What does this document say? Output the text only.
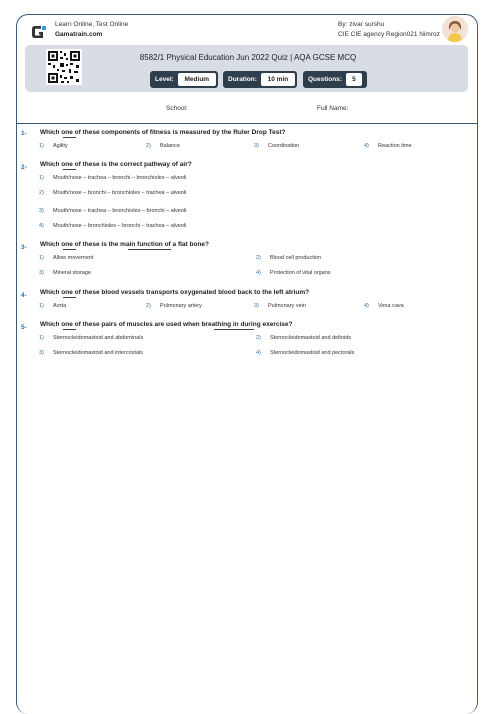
Learn Online, Test Online
Gamatrain.com
By: zivar surshu
CIE CIE agency Region021 Nimroz
8582/1 Physical Education Jun 2022 Quiz | AQA GCSE MCQ
Level:	Medium	Duration:	10 min	Questions:	5
School:	Full Name:
1- Which one of these components of fitness is measured by the Ruler Drop Test?
1) Agility	2) Balance	3) Coordination	4) Reaction time
2- Which one of these is the correct pathway of air?
1) Mouth/nose – trachea – bronchi – bronchioles – alveoli
2) Mouth/nose – bronchi – bronchioles – trachea – alveoli
3) Mouth/nose – trachea – bronchioles – bronchi – alveoli
4) Mouth/nose – bronchioles – bronchi – trachea – alveoli
3- Which one of these is the main function of a flat bone?
1) Allow movement	2) Blood cell production
3) Mineral storage	4) Protection of vital organs
4- Which one of these blood vessels transports oxygenated blood back to the left atrium?
1) Aorta	2) Pulmonary artery	3) Pulmonary vein	4) Vena cava
5- Which one of these pairs of muscles are used when breathing in during exercise?
1) Sternocleidomastoid and abdominals	2) Sternocleidomastoid and deltoids
3) Sternocleidomastoid and intercostals	4) Sternocleidomastoid and pectorals
